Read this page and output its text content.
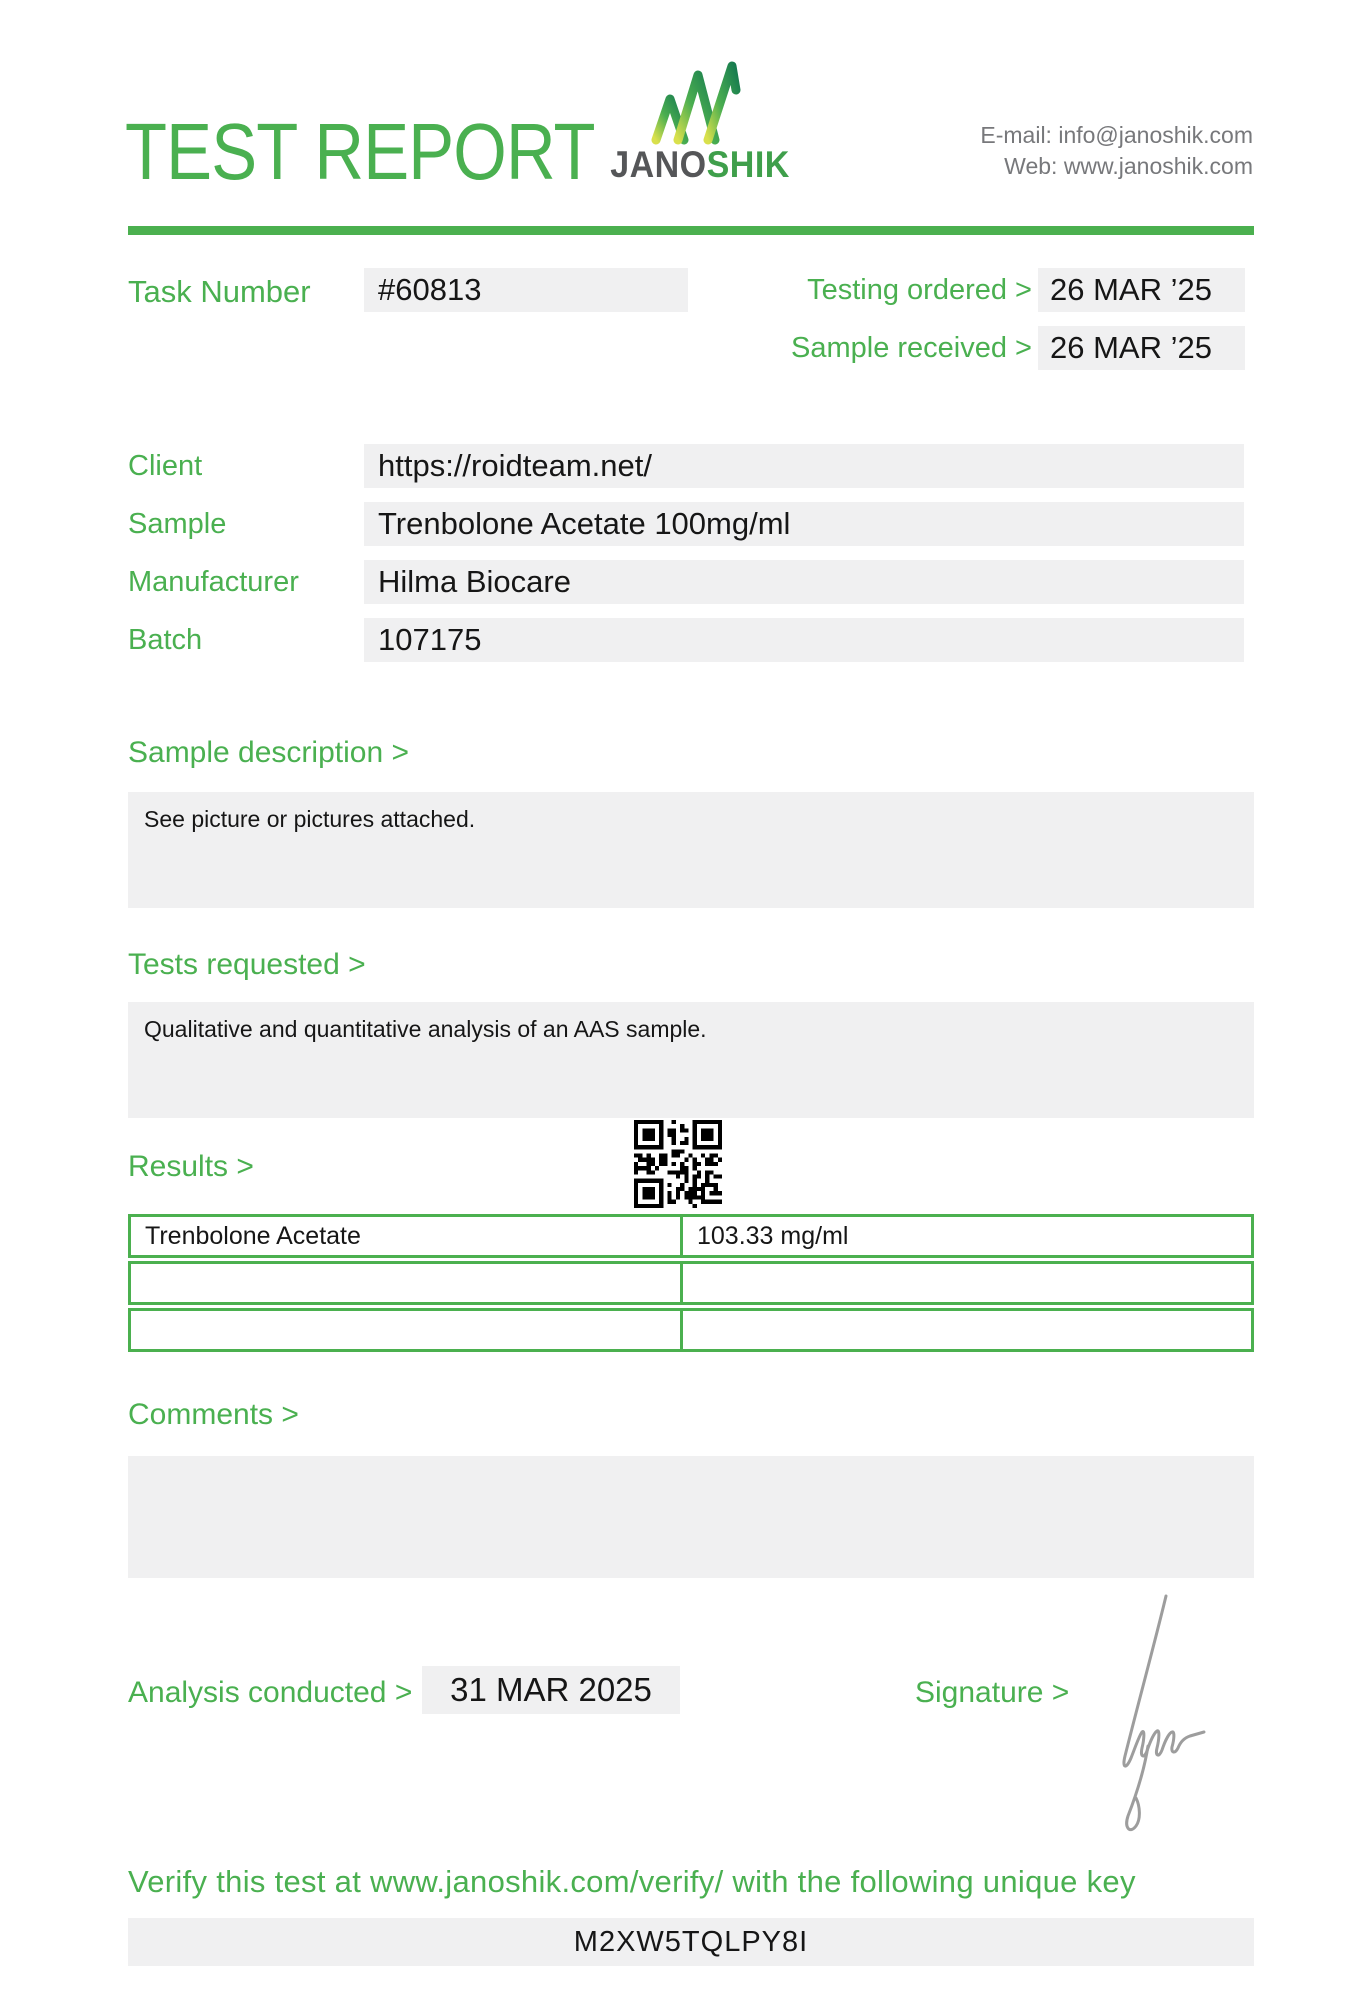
TEST REPORT JANOSHIK
E-mail: info@janoshik.com
Web: www.janoshik.com
Task Number	#60813	Testing ordered > 26 MAR ’25
Sample received > 26 MAR ’25
Client	https://roidteam.net/
Sample	Trenbolone Acetate 100mg/ml
Manufacturer	Hilma Biocare
Batch	107175
Sample description >
See picture or pictures attached.
Tests requested >
Qualitative and quantitative analysis of an AAS sample.
Results >
Trenbolone Acetate	103.33 mg/ml
Comments >
Analysis conducted >	31 MAR 2025	Signature >
Verify this test at www.janoshik.com/verify/ with the following unique key
M2XW5TQLPY8I
